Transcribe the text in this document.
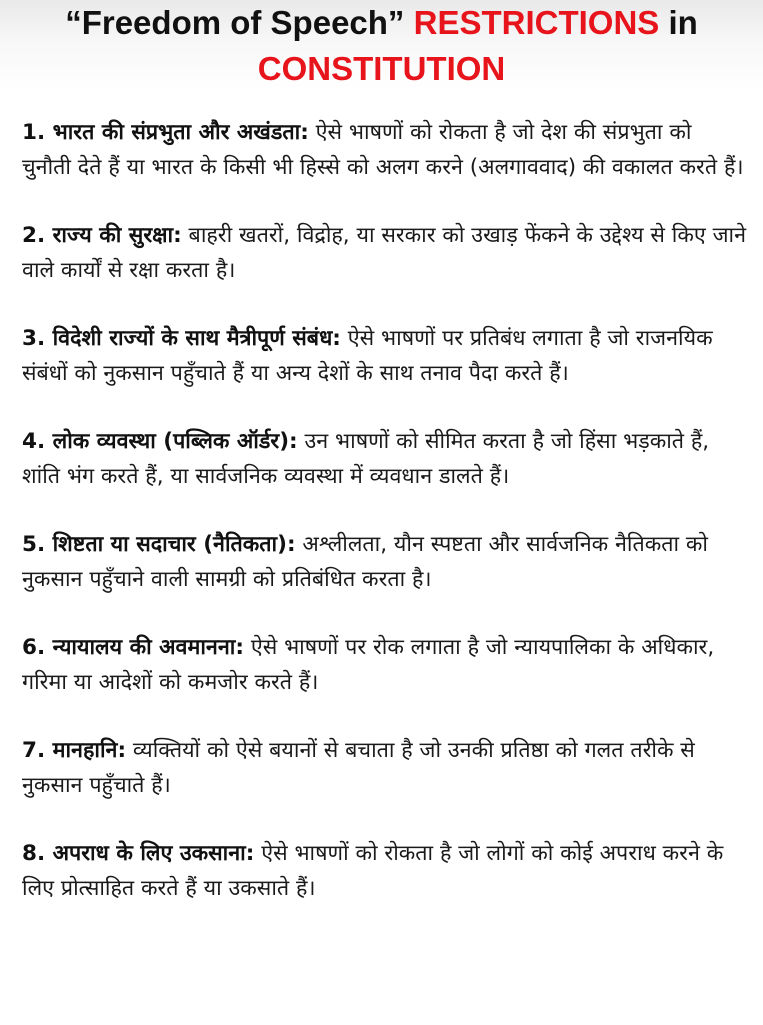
“Freedom of Speech” RESTRICTIONS in
CONSTITUTION

1. भारत की संप्रभुता और अखंडता: ऐसे भाषणों को रोकता है जो देश की संप्रभुता को चुनौती देते हैं या भारत के किसी भी हिस्से को अलग करने (अलगाववाद) की वकालत करते हैं।

2. राज्य की सुरक्षा: बाहरी खतरों, विद्रोह, या सरकार को उखाड़ फेंकने के उद्देश्य से किए जाने वाले कार्यों से रक्षा करता है।

3. विदेशी राज्यों के साथ मैत्रीपूर्ण संबंध: ऐसे भाषणों पर प्रतिबंध लगाता है जो राजनयिक संबंधों को नुकसान पहुँचाते हैं या अन्य देशों के साथ तनाव पैदा करते हैं।

4. लोक व्यवस्था (पब्लिक ऑर्डर): उन भाषणों को सीमित करता है जो हिंसा भड़काते हैं, शांति भंग करते हैं, या सार्वजनिक व्यवस्था में व्यवधान डालते हैं।

5. शिष्टता या सदाचार (नैतिकता): अश्लीलता, यौन स्पष्टता और सार्वजनिक नैतिकता को नुकसान पहुँचाने वाली सामग्री को प्रतिबंधित करता है।

6. न्यायालय की अवमानना: ऐसे भाषणों पर रोक लगाता है जो न्यायपालिका के अधिकार, गरिमा या आदेशों को कमजोर करते हैं।

7. मानहानि: व्यक्तियों को ऐसे बयानों से बचाता है जो उनकी प्रतिष्ठा को गलत तरीके से नुकसान पहुँचाते हैं।

8. अपराध के लिए उकसाना: ऐसे भाषणों को रोकता है जो लोगों को कोई अपराध करने के लिए प्रोत्साहित करते हैं या उकसाते हैं।
